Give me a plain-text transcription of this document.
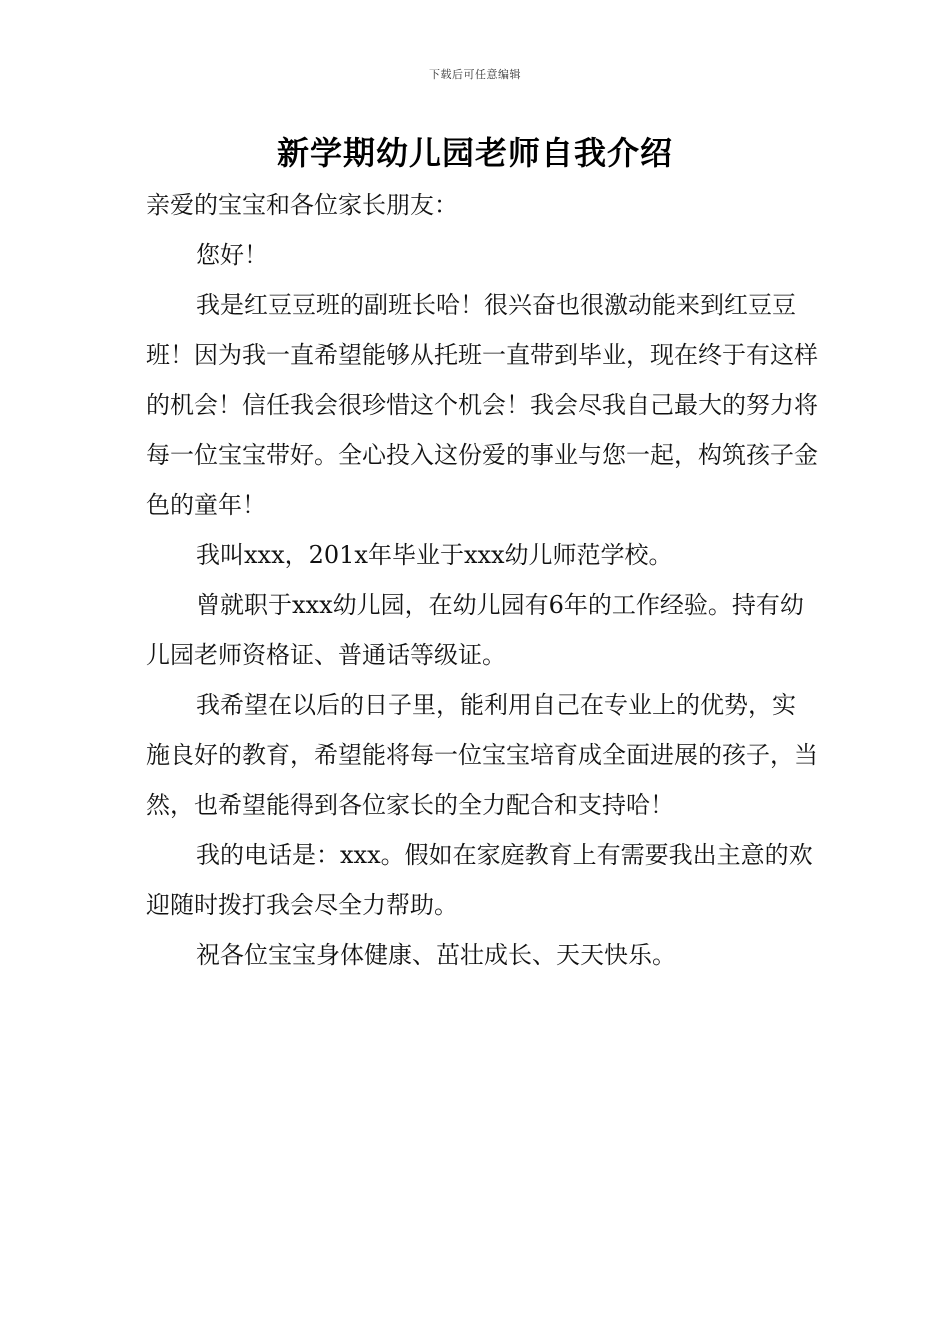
下载后可任意编辑
新学期幼儿园老师自我介绍

亲爱的宝宝和各位家长朋友：

您好！

我是红豆豆班的副班长哈！很兴奋也很激动能来到红豆豆班！因为我一直希望能够从托班一直带到毕业，现在终于有这样的机会！信任我会很珍惜这个机会！我会尽我自己最大的努力将每一位宝宝带好。全心投入这份爱的事业与您一起，构筑孩子金色的童年！

我叫xxx，201x年毕业于xxx幼儿师范学校。

曾就职于xxx幼儿园，在幼儿园有6年的工作经验。持有幼儿园老师资格证、普通话等级证。

我希望在以后的日子里，能利用自己在专业上的优势，实施良好的教育，希望能将每一位宝宝培育成全面进展的孩子，当然，也希望能得到各位家长的全力配合和支持哈！

我的电话是：xxx。假如在家庭教育上有需要我出主意的欢迎随时拨打我会尽全力帮助。

祝各位宝宝身体健康、茁壮成长、天天快乐。
